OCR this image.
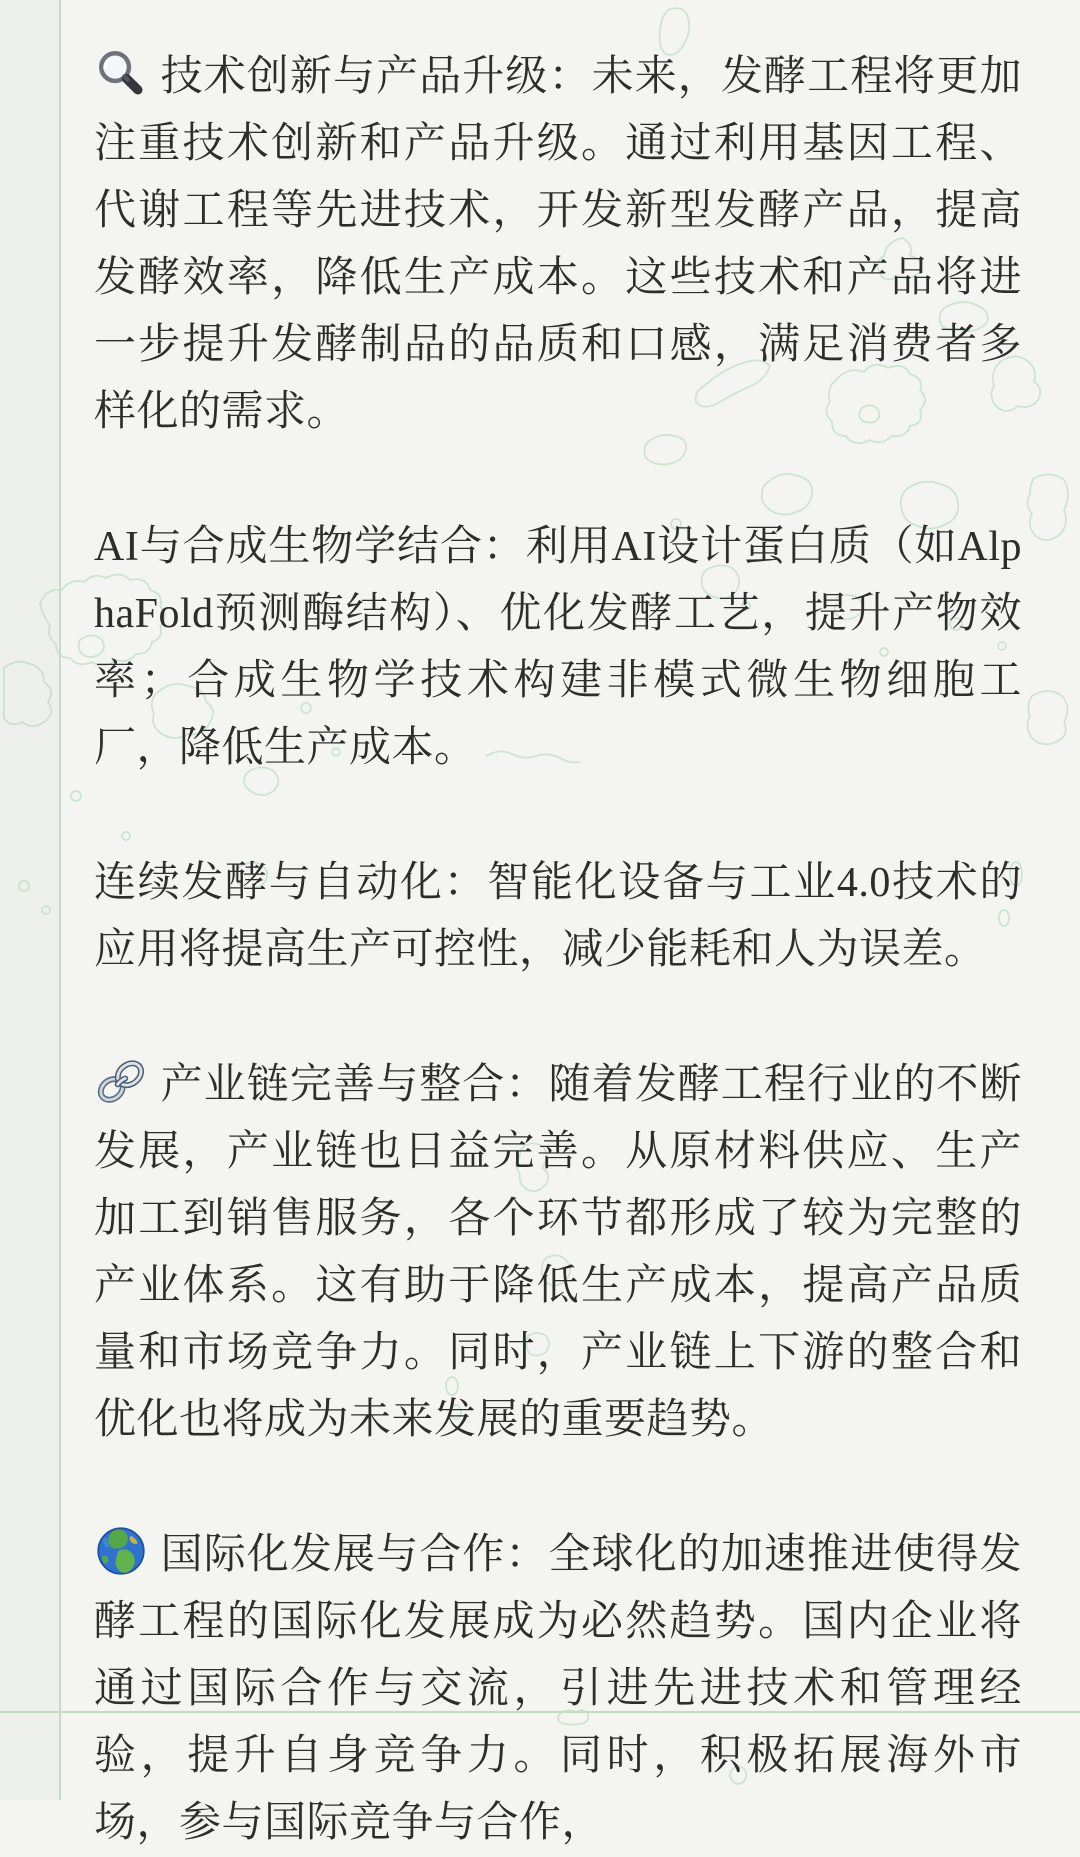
技术创新与产品升级：未来，发酵工程将更加注重技术创新和产品升级。通过利用基因工程、代谢工程等先进技术，开发新型发酵产品，提高发酵效率，降低生产成本。这些技术和产品将进一步提升发酵制品的品质和口感，满足消费者多样化的需求。

AI与合成生物学结合：利用AI设计蛋白质（如AlphaFold预测酶结构）、优化发酵工艺，提升产物效率；合成生物学技术构建非模式微生物细胞工厂，降低生产成本。

连续发酵与自动化：智能化设备与工业4.0技术的应用将提高生产可控性，减少能耗和人为误差。

产业链完善与整合：随着发酵工程行业的不断发展，产业链也日益完善。从原材料供应、生产加工到销售服务，各个环节都形成了较为完整的产业体系。这有助于降低生产成本，提高产品质量和市场竞争力。同时，产业链上下游的整合和优化也将成为未来发展的重要趋势。

国际化发展与合作：全球化的加速推进使得发酵工程的国际化发展成为必然趋势。国内企业将通过国际合作与交流，引进先进技术和管理经验，提升自身竞争力。同时，积极拓展海外市场，参与国际竞争与合作，
